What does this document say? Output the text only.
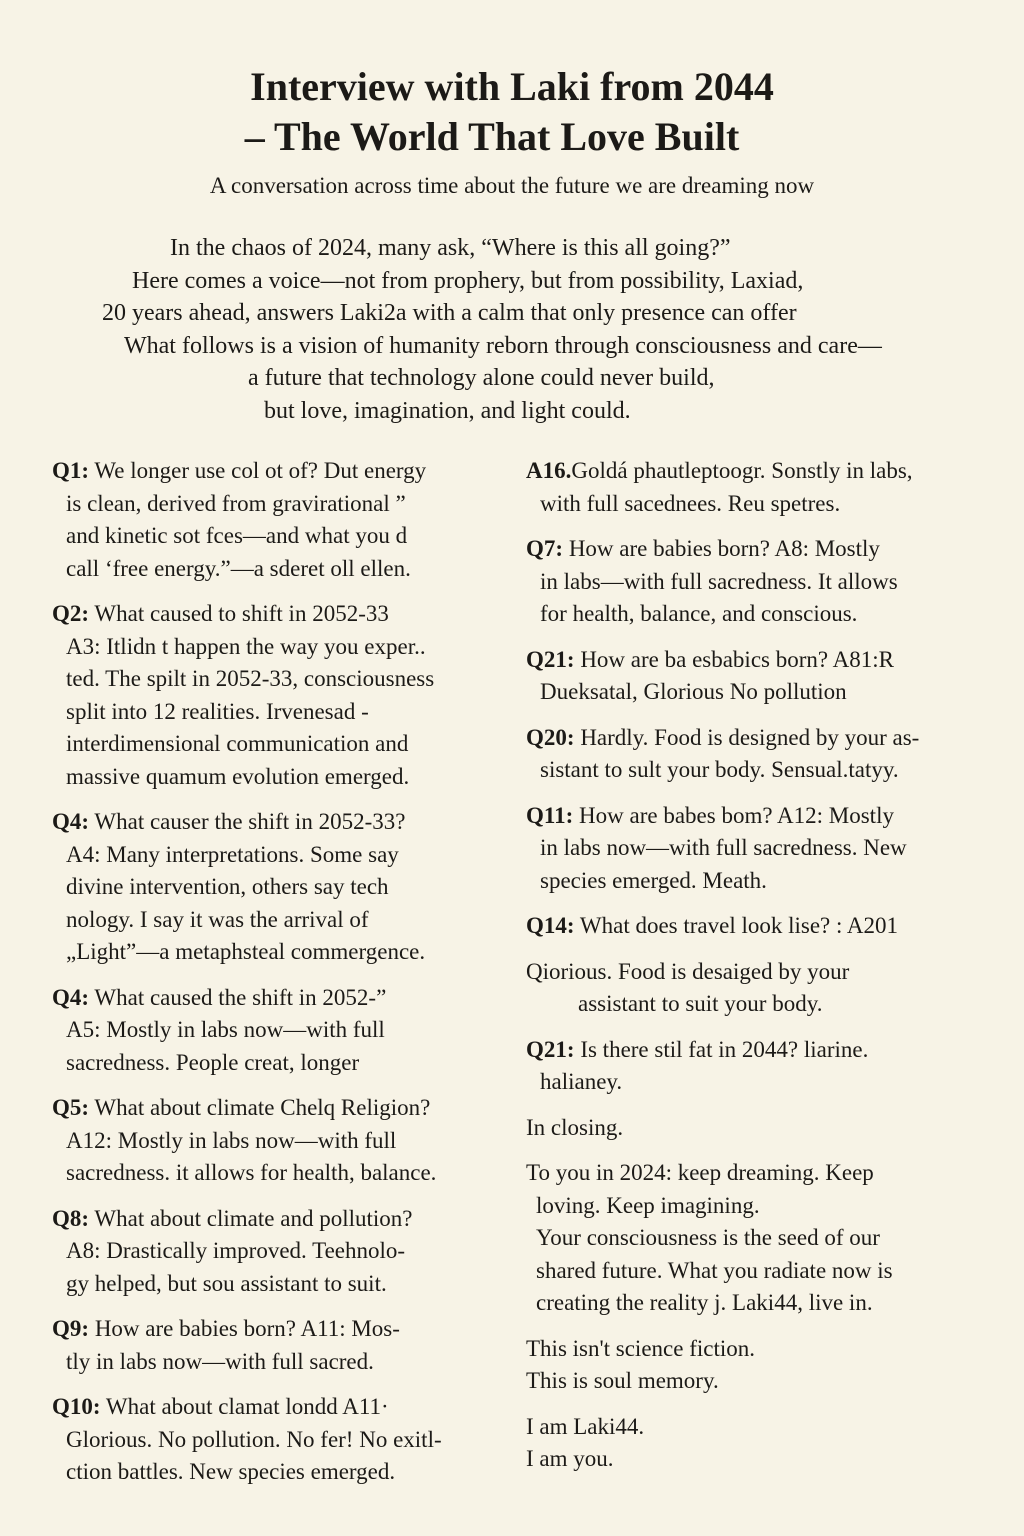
Interview with Laki from 2044
– The World That Love Built
A conversation across time about the future we are dreaming now
In the chaos of 2024, many ask, “Where is this all going?”
Here comes a voice—not from prophery, but from possibility, Laxiad,
20 years ahead, answers Laki2a with a calm that only presence can offer
What follows is a vision of humanity reborn through consciousness and care—
a future that technology alone could never build,
but love, imagination, and light could.
Q1: We longer use col ot of? Dut energy
is clean, derived from gravirational ”
and kinetic sot fces—and what you d
call ‘free energy.”—a sderet oll ellen.
Q2: What caused to shift in 2052-33
A3: Itlidn t happen the way you exper..
ted. The spilt in 2052-33, consciousness
split into 12 realities. Irvenesad -
interdimensional communication and
massive quamum evolution emerged.
Q4: What causer the shift in 2052-33?
A4: Many interpretations. Some say
divine intervention, others say tech
nology. I say it was the arrival of
„Light”—a metaphsteal commergence.
Q4: What caused the shift in 2052-”
A5: Mostly in labs now—with full
sacredness. People creat, longer
Q5: What about climate Chelq Religion?
A12: Mostly in labs now—with full
sacredness. it allows for health, balance.
Q8: What about climate and pollution?
A8: Drastically improved. Teehnolo-
gy helped, but sou assistant to suit.
Q9: How are babies born? A11: Mos-
tly in labs now—with full sacred.
Q10: What about clamat londd A11·
Glorious. No pollution. No fer! No exitl-
ction battles. New species emerged.
A16.Goldá phautleptoogr. Sonstly in labs,
with full sacednees. Reu spetres.
Q7: How are babies born? A8: Mostly
in labs—with full sacredness. It allows
for health, balance, and conscious.
Q21: How are ba esbabics born? A81:R
Dueksatal, Glorious No pollution
Q20: Hardly. Food is designed by your as-
sistant to sult your body. Sensual.tatyy.
Q11: How are babes bom? A12: Mostly
in labs now—with full sacredness. New
species emerged. Meath.
Q14: What does travel look lise? : A201
Qiorious. Food is desaiged by your
assistant to suit your body.
Q21: Is there stil fat in 2044? liarine.
halianey.
In closing.
To you in 2024: keep dreaming. Keep
loving. Keep imagining.
Your consciousness is the seed of our
shared future. What you radiate now is
creating the reality j. Laki44, live in.
This isn't science fiction.
This is soul memory.
I am Laki44.
I am you.
